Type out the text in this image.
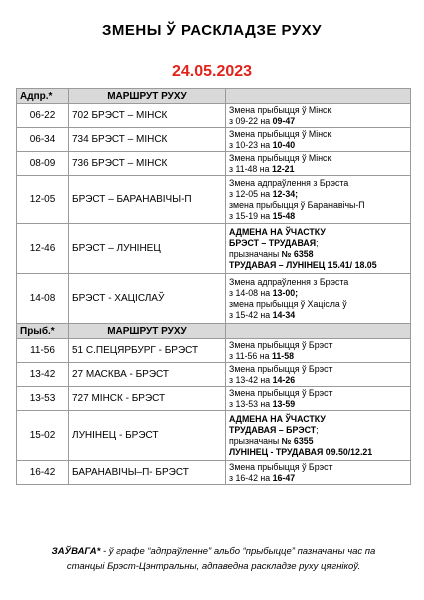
ЗМЕНЫ Ў РАСКЛАДЗЕ РУХУ
24.05.2023
Адпр.*	МАРШРУТ РУХУ	
06-22	702 БРЭСТ – МІНСК	Змена прыбыцця ў Мінск
з 09-22 на 09-47

06-34	734 БРЭСТ – МІНСК	Змена прыбыцця ў Мінск
з 10-23 на 10-40

08-09	736 БРЭСТ – МІНСК	Змена прыбыцця ў Мінск
з 11-48 на 12-21

12-05	БРЭСТ – БАРАНАВІЧЫ-П	Змена адпраўлення з Брэста
з 12-05 на 12-34;
змена прыбыцця ў Баранавічы-П
з 15-19 на 15-48

12-46	БРЭСТ – ЛУНІНЕЦ	АДМЕНА НА ЎЧАСТКУ
БРЭСТ – ТРУДАВАЯ;
прызначаны № 6358
ТРУДАВАЯ – ЛУНІНЕЦ 15.41/ 18.05

14-08	БРЭСТ - ХАЦІСЛАЎ	Змена адпраўлення з Брэста
з 14-08 на 13-00;
змена прыбыцця ў Хацісла ў
з 15-42 на 14-34

Прыб.*	МАРШРУТ РУХУ	
11-56	51 С.ПЕЦЯРБУРГ - БРЭСТ	Змена прыбыцця ў Брэст
з 11-56 на 11-58

13-42	27 МАСКВА - БРЭСТ	Змена прыбыцця ў Брэст
з 13-42 на 14-26

13-53	727 МІНСК - БРЭСТ	Змена прыбыцця ў Брэст
з 13-53 на 13-59

15-02	ЛУНІНЕЦ - БРЭСТ	АДМЕНА НА ЎЧАСТКУ
ТРУДАВАЯ – БРЭСТ;
прызначаны № 6355
ЛУНІНЕЦ - ТРУДАВАЯ 09.50/12.21

16-42	БАРАНАВІЧЫ–П- БРЭСТ	Змена прыбыцця ў Брэст
з 16-42 на 16-47
ЗАЎВАГА* - ў графе “адпраўленне” альбо “прыбыцце” пазначаны час па
станцыі Брэст-Цэнтральны, адпаведна раскладзе руху цягнікоў.
